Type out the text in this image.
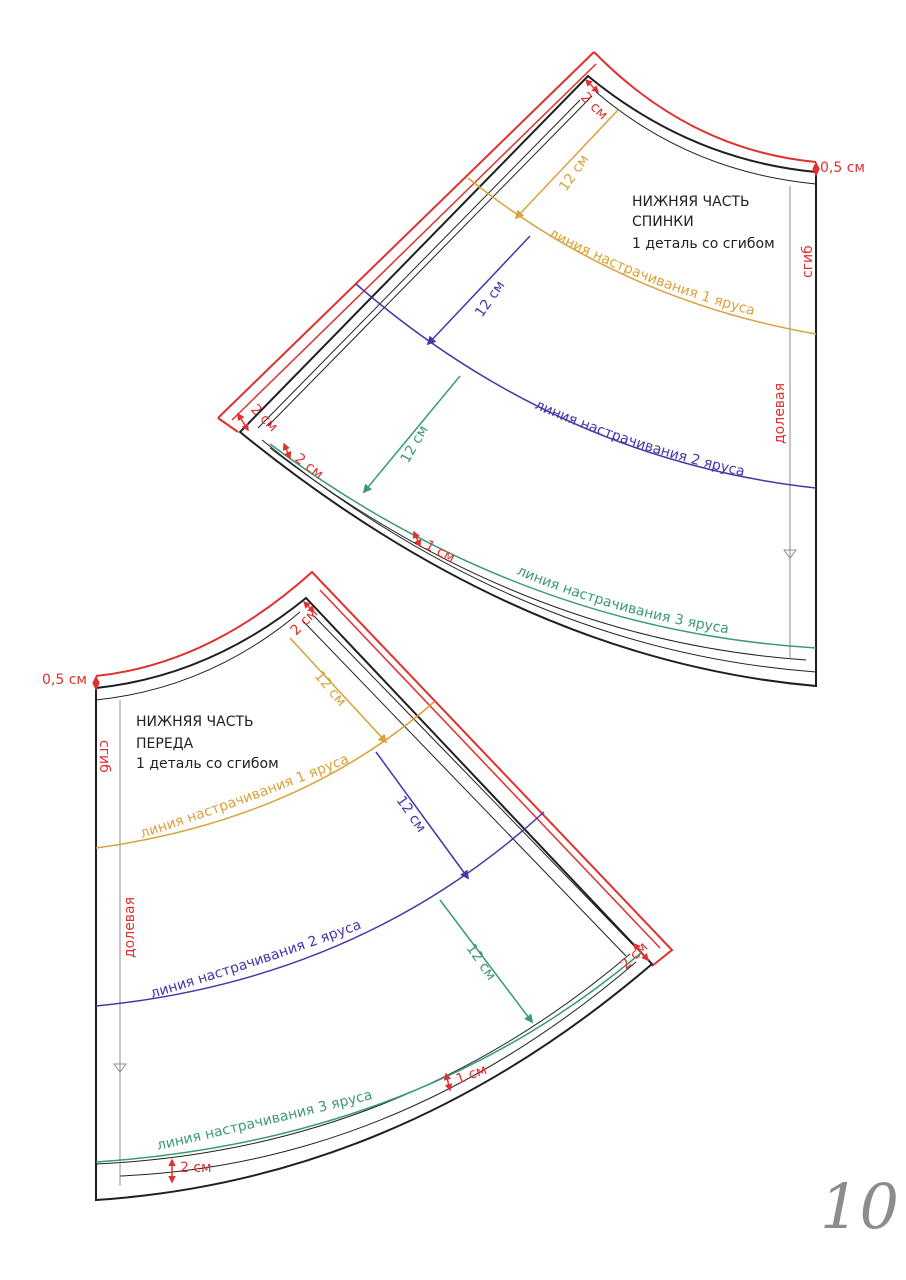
НИЖНЯЯ ЧАСТЬ
СПИНКИ
1 деталь со сгибом
сгиб
долевая
0,5 см
2 см
2 см
2 см
1 см
12 см
12 см
12 см
линия настрачивания 1 яруса
линия настрачивания 2 яруса
линия настрачивания 3 яруса
НИЖНЯЯ ЧАСТЬ
ПЕРЕДА
1 деталь со сгибом
сгиб
долевая
0,5 см
2 см
2 см
2 см
1 см
12 см
12 см
12 см
линия настрачивания 1 яруса
линия настрачивания 2 яруса
линия настрачивания 3 яруса
10
